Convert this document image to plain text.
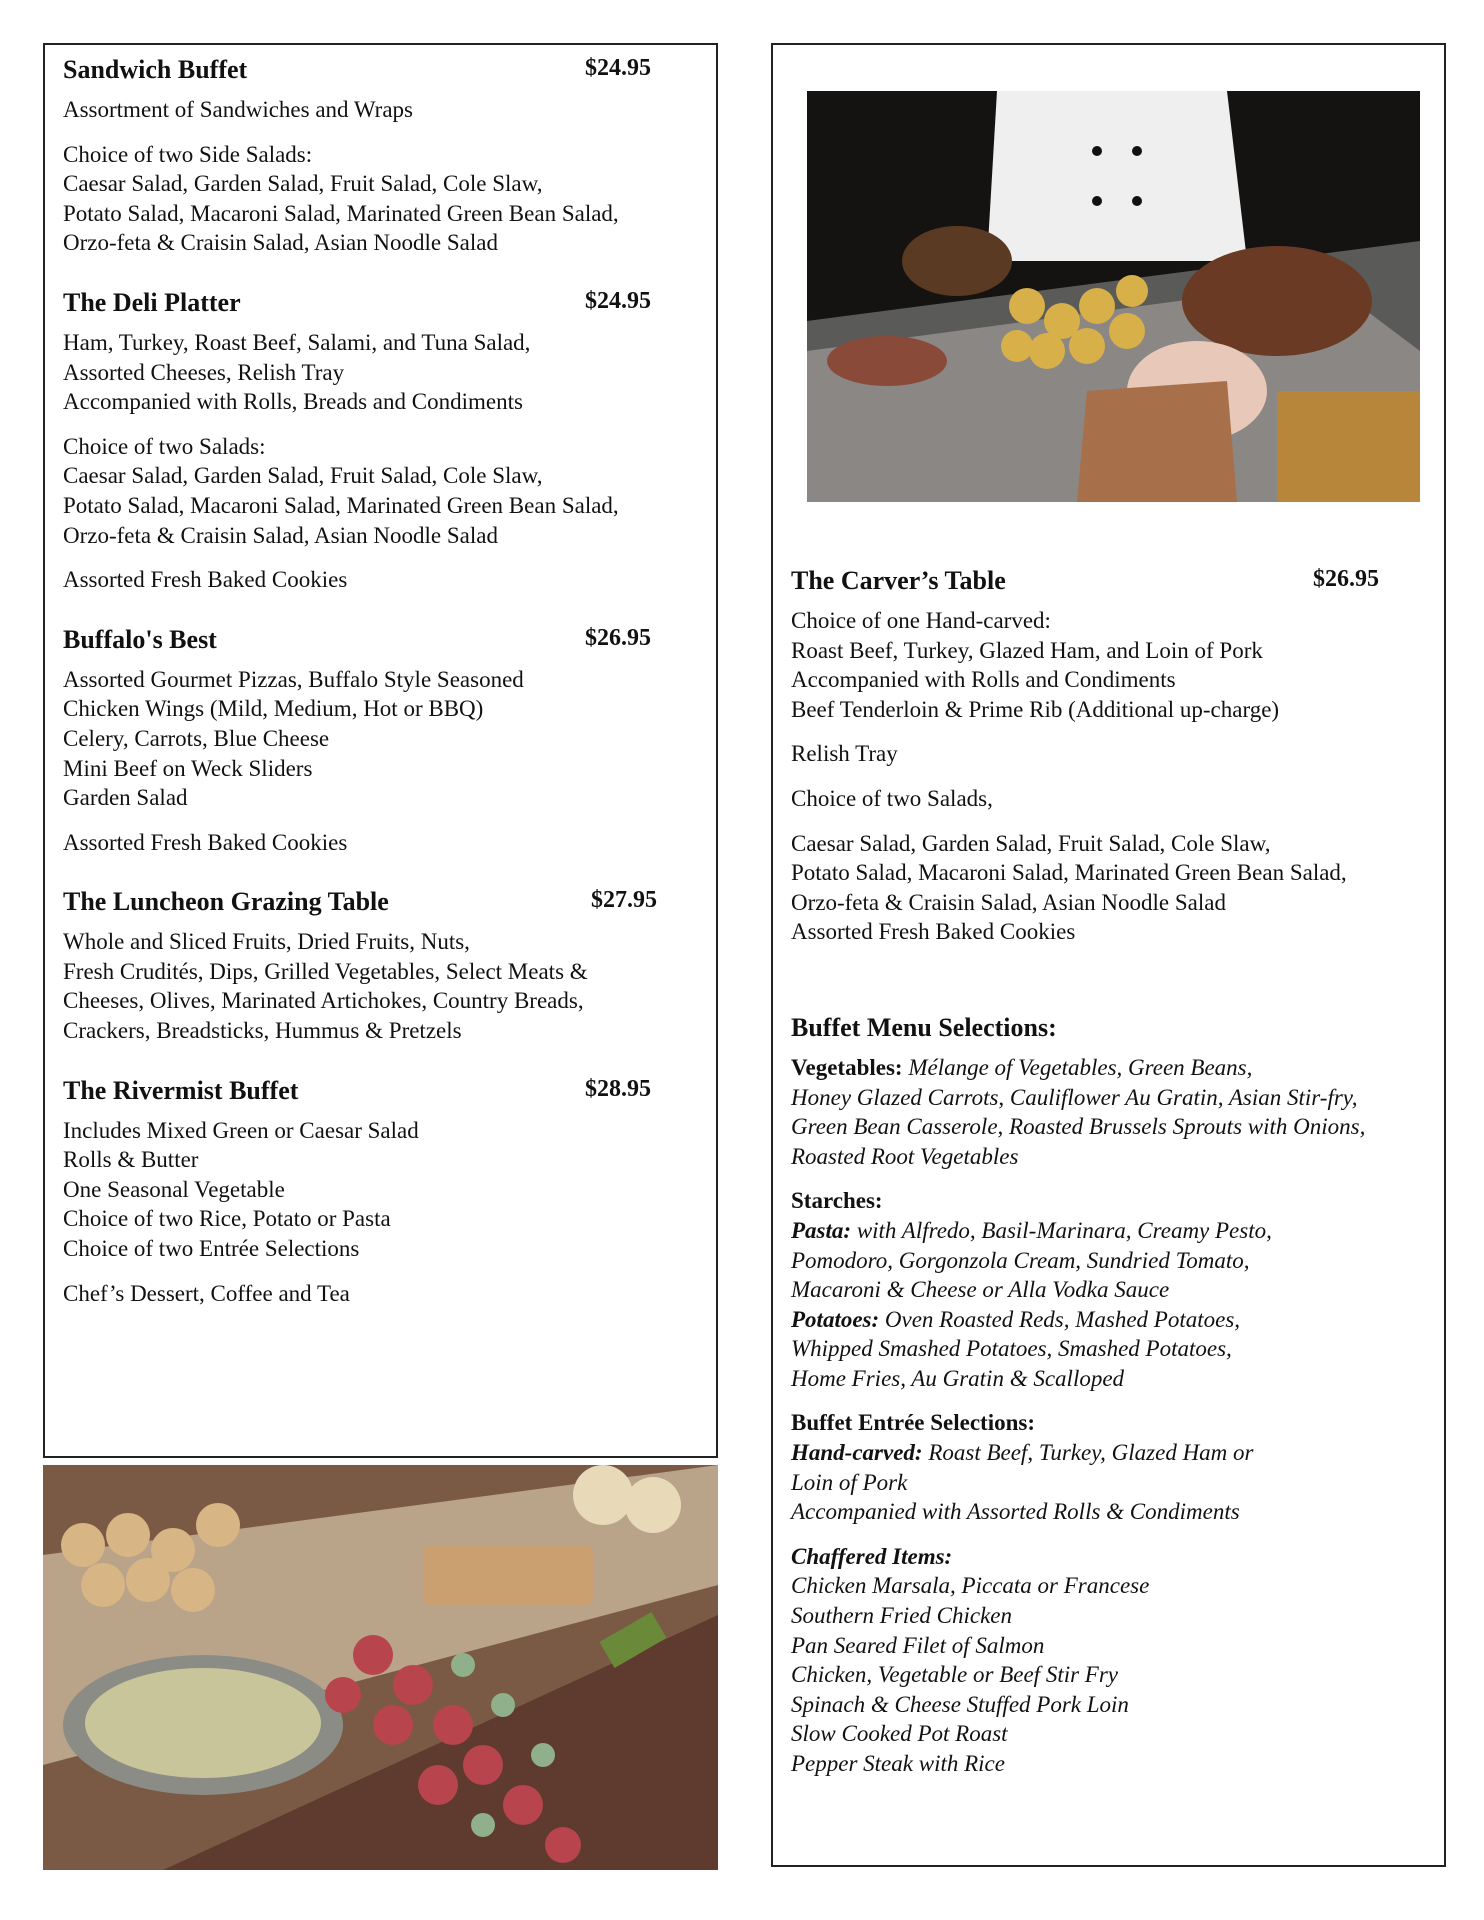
Sandwich Buffet	$24.95
Assortment of Sandwiches and Wraps
Choice of two Side Salads:
Caesar Salad, Garden Salad, Fruit Salad, Cole Slaw,
Potato Salad, Macaroni Salad, Marinated Green Bean Salad,
Orzo-feta & Craisin Salad, Asian Noodle Salad
The Deli Platter	$24.95
Ham, Turkey, Roast Beef, Salami, and Tuna Salad,
Assorted Cheeses, Relish Tray
Accompanied with Rolls, Breads and Condiments
Choice of two Salads:
Caesar Salad, Garden Salad, Fruit Salad, Cole Slaw,
Potato Salad, Macaroni Salad, Marinated Green Bean Salad,
Orzo-feta & Craisin Salad, Asian Noodle Salad
Assorted Fresh Baked Cookies
Buffalo's Best	$26.95
Assorted Gourmet Pizzas, Buffalo Style Seasoned
Chicken Wings (Mild, Medium, Hot or BBQ)
Celery, Carrots, Blue Cheese
Mini Beef on Weck Sliders
Garden Salad
Assorted Fresh Baked Cookies
The Luncheon Grazing Table	$27.95
Whole and Sliced Fruits, Dried Fruits, Nuts,
Fresh Crudités, Dips, Grilled Vegetables, Select Meats &
Cheeses, Olives, Marinated Artichokes, Country Breads,
Crackers, Breadsticks, Hummus & Pretzels
The Rivermist Buffet	$28.95
Includes Mixed Green or Caesar Salad
Rolls & Butter
One Seasonal Vegetable
Choice of two Rice, Potato or Pasta
Choice of two Entrée Selections
Chef’s Dessert, Coffee and Tea
The Carver’s Table	$26.95
Choice of one Hand-carved:
Roast Beef, Turkey, Glazed Ham, and Loin of Pork
Accompanied with Rolls and Condiments
Beef Tenderloin & Prime Rib (Additional up-charge)
Relish Tray
Choice of two Salads,
Caesar Salad, Garden Salad, Fruit Salad, Cole Slaw,
Potato Salad, Macaroni Salad, Marinated Green Bean Salad,
Orzo-feta & Craisin Salad, Asian Noodle Salad
Assorted Fresh Baked Cookies
Buffet Menu Selections:
Vegetables: Mélange of Vegetables, Green Beans,
Honey Glazed Carrots, Cauliflower Au Gratin, Asian Stir-fry,
Green Bean Casserole, Roasted Brussels Sprouts with Onions,
Roasted Root Vegetables
Starches:
Pasta: with Alfredo, Basil-Marinara, Creamy Pesto,
Pomodoro, Gorgonzola Cream, Sundried Tomato,
Macaroni & Cheese or Alla Vodka Sauce
Potatoes: Oven Roasted Reds, Mashed Potatoes,
Whipped Smashed Potatoes, Smashed Potatoes,
Home Fries, Au Gratin & Scalloped
Buffet Entrée Selections:
Hand-carved: Roast Beef, Turkey, Glazed Ham or
Loin of Pork
Accompanied with Assorted Rolls & Condiments
Chaffered Items:
Chicken Marsala, Piccata or Francese
Southern Fried Chicken
Pan Seared Filet of Salmon
Chicken, Vegetable or Beef Stir Fry
Spinach & Cheese Stuffed Pork Loin
Slow Cooked Pot Roast
Pepper Steak with Rice
